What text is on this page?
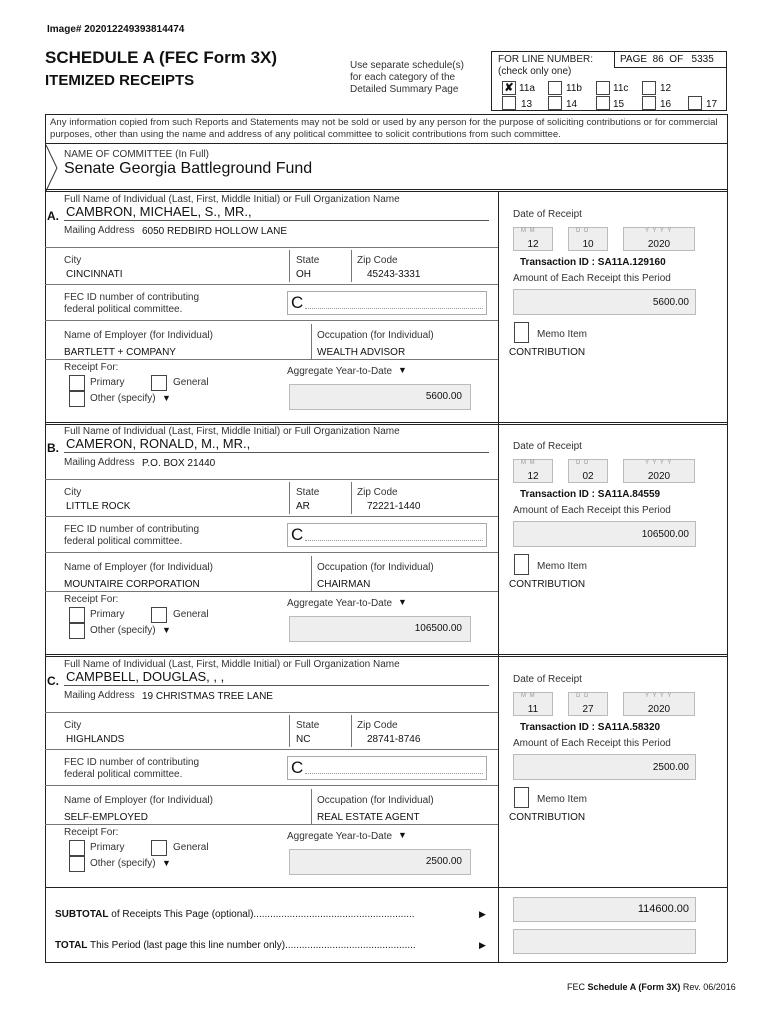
Image# 202012249393814474
SCHEDULE A (FEC Form 3X)
ITEMIZED RECEIPTS
Use separate schedule(s)
for each category of the
Detailed Summary Page
FOR LINE NUMBER:
(check only one)
PAGE 86 OF 5335
✘ 11a	11b	11c	12
13	14	15	16	17
Any information copied from such Reports and Statements may not be sold or used by any person for the purpose of soliciting contributions or for commercial purposes, other than using the name and address of any political committee to solicit contributions from such committee.
NAME OF COMMITTEE (In Full)
Senate Georgia Battleground Fund
Full Name of Individual (Last, First, Middle Initial) or Full Organization Name
A. CAMBRON, MICHAEL, S., MR.,
Mailing Address 6050 REDBIRD HOLLOW LANE
City
CINCINNATI
State
OH
Zip Code
45243-3331
FEC ID number of contributing
federal political committee.	C
Name of Employer (for Individual)
BARTLETT + COMPANY
Occupation (for Individual)
WEALTH ADVISOR
Receipt For:
Primary	General
Other (specify) ▼
Aggregate Year-to-Date ▼
5600.00
Date of Receipt
M M
12
D D
10
Y Y Y Y
2020
Transaction ID : SA11A.129160
Amount of Each Receipt this Period
5600.00
Memo Item
CONTRIBUTION
Full Name of Individual (Last, First, Middle Initial) or Full Organization Name
B. CAMERON, RONALD, M., MR.,
Mailing Address P.O. BOX 21440
City
LITTLE ROCK
State
AR
Zip Code
72221-1440
FEC ID number of contributing
federal political committee.	C
Name of Employer (for Individual)
MOUNTAIRE CORPORATION
Occupation (for Individual)
CHAIRMAN
Receipt For:
Primary	General
Other (specify) ▼
Aggregate Year-to-Date ▼
106500.00
Date of Receipt
M M
12
D D
02
Y Y Y Y
2020
Transaction ID : SA11A.84559
Amount of Each Receipt this Period
106500.00
Memo Item
CONTRIBUTION
Full Name of Individual (Last, First, Middle Initial) or Full Organization Name
C. CAMPBELL, DOUGLAS, , ,
Mailing Address 19 CHRISTMAS TREE LANE
City
HIGHLANDS
State
NC
Zip Code
28741-8746
FEC ID number of contributing
federal political committee.	C
Name of Employer (for Individual)
SELF-EMPLOYED
Occupation (for Individual)
REAL ESTATE AGENT
Receipt For:
Primary	General
Other (specify) ▼
Aggregate Year-to-Date ▼
2500.00
Date of Receipt
M M
11
D D
27
Y Y Y Y
2020
Transaction ID : SA11A.58320
Amount of Each Receipt this Period
2500.00
Memo Item
CONTRIBUTION
SUBTOTAL of Receipts This Page (optional)..........................................................	▶	114600.00
TOTAL This Period (last page this line number only)...............................................	▶
FEC Schedule A (Form 3X) Rev. 06/2016
